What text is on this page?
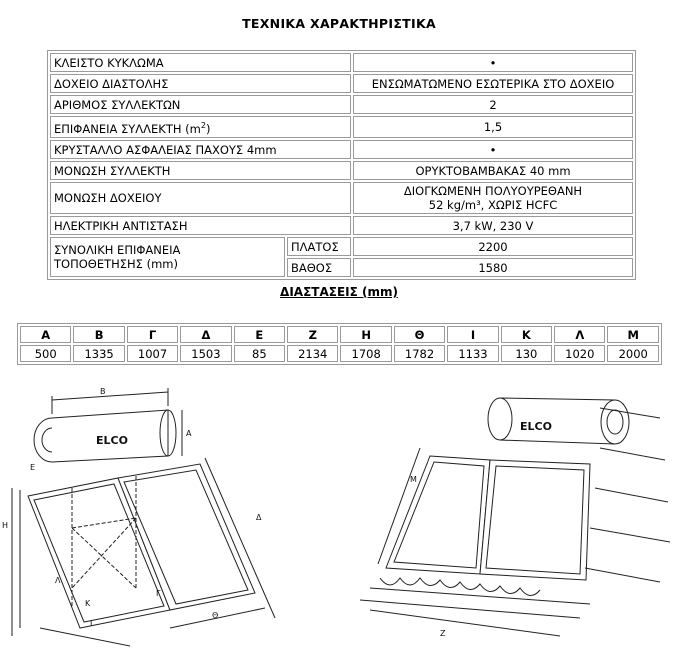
ΤΕΧΝΙΚΑ ΧΑΡΑΚΤΗΡΙΣΤΙΚΑ
ΚΛΕΙΣΤΟ ΚΥΚΛΩΜΑ		•
ΔΟΧΕΙΟ ΔΙΑΣΤΟΛΗΣ		ΕΝΣΩΜΑΤΩΜΕΝΟ ΕΣΩΤΕΡΙΚΑ ΣΤΟ ΔΟΧΕΙΟ
ΑΡΙΘΜΟΣ ΣΥΛΛΕΚΤΩΝ		2
ΕΠΙΦΑΝΕΙΑ ΣΥΛΛΕΚΤΗ $(m^2)$		1,5
ΚΡΥΣΤΑΛΛΟ ΑΣΦΑΛΕΙΑΣ ΠΑΧΟΥΣ 4mm		•
ΜΟΝΩΣΗ ΣΥΛΛΕΚΤΗ		ΟΡΥΚΤΟΒΑΜΒΑΚΑΣ 40 mm
ΜΟΝΩΣΗ ΔΟΧΕΙΟΥ		ΔΙΟΓΚΩΜΕΝΗ ΠΟΛΥΟΥΡΕΘΑΝΗ
52 kg/m³, ΧΩΡΙΣ HCFC

ΗΛΕΚΤΡΙΚΗ ΑΝΤΙΣΤΑΣΗ		3,7 kW, 230 V

ΣΥΝΟΛΙΚΗ ΕΠΙΦΑΝΕΙΑ
ΤΟΠΟΘΕΤΗΣΗΣ (mm)	ΠΛΑΤΟΣ	2200
	ΒΑΘΟΣ	1580
ΔΙΑΣΤΑΣΕΙΣ (mm)
Α	Β	Γ	Δ	Ε	Ζ	Η	Θ	Ι	Κ	Λ	Μ
500	1335	1007	1503	85	2134	1708	1782	1133	130	1020	2000
ELCO
Β
Α
Η
Ε
Δ
Γ
Λ
Κ
Ι
Θ
ELCO
Μ
Ζ
